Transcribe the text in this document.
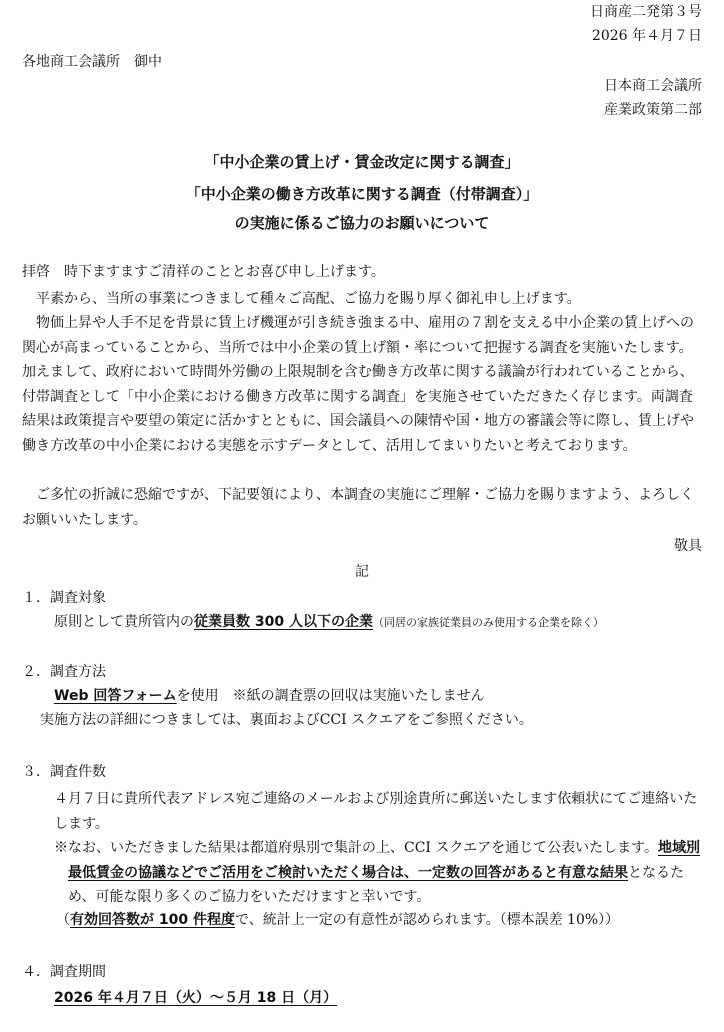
日商産二発第３号
2026 年４月７日
各地商工会議所　御中
日本商工会議所
産業政策第二部
「中小企業の賃上げ・賃金改定に関する調査」
「中小企業の働き方改革に関する調査（付帯調査）」
の実施に係るご協力のお願いについて
拝啓　時下ますますご清祥のこととお喜び申し上げます。
平素から、当所の事業につきまして種々ご高配、ご協力を賜り厚く御礼申し上げます。
物価上昇や人手不足を背景に賃上げ機運が引き続き強まる中、雇用の７割を支える中小企業の賃上げへの関心が高まっていることから、当所では中小企業の賃上げ額・率について把握する調査を実施いたします。加えまして、政府において時間外労働の上限規制を含む働き方改革に関する議論が行われていることから、付帯調査として「中小企業における働き方改革に関する調査」を実施させていただきたく存じます。両調査結果は政策提言や要望の策定に活かすとともに、国会議員への陳情や国・地方の審議会等に際し、賃上げや働き方改革の中小企業における実態を示すデータとして、活用してまいりたいと考えております。
ご多忙の折誠に恐縮ですが、下記要領により、本調査の実施にご理解・ご協力を賜りますよう、よろしくお願いいたします。
敬具
記
１．調査対象
原則として貴所管内の従業員数 300 人以下の企業（同居の家族従業員のみ使用する企業を除く）
２．調査方法
Web 回答フォームを使用　※紙の調査票の回収は実施いたしません
実施方法の詳細につきましては、裏面およびCCI スクエアをご参照ください。
３．調査件数
４月７日に貴所代表アドレス宛ご連絡のメールおよび別途貴所に郵送いたします依頼状にてご連絡いたします。
※なお、いただきました結果は都道府県別で集計の上、CCI スクエアを通じて公表いたします。地域別最低賃金の協議などでご活用をご検討いただく場合は、一定数の回答があると有意な結果となるため、可能な限り多くのご協力をいただけますと幸いです。
（有効回答数が 100 件程度で、統計上一定の有意性が認められます。（標本誤差 10%））
４．調査期間
2026 年４月７日（火）～５月 18 日（月）
